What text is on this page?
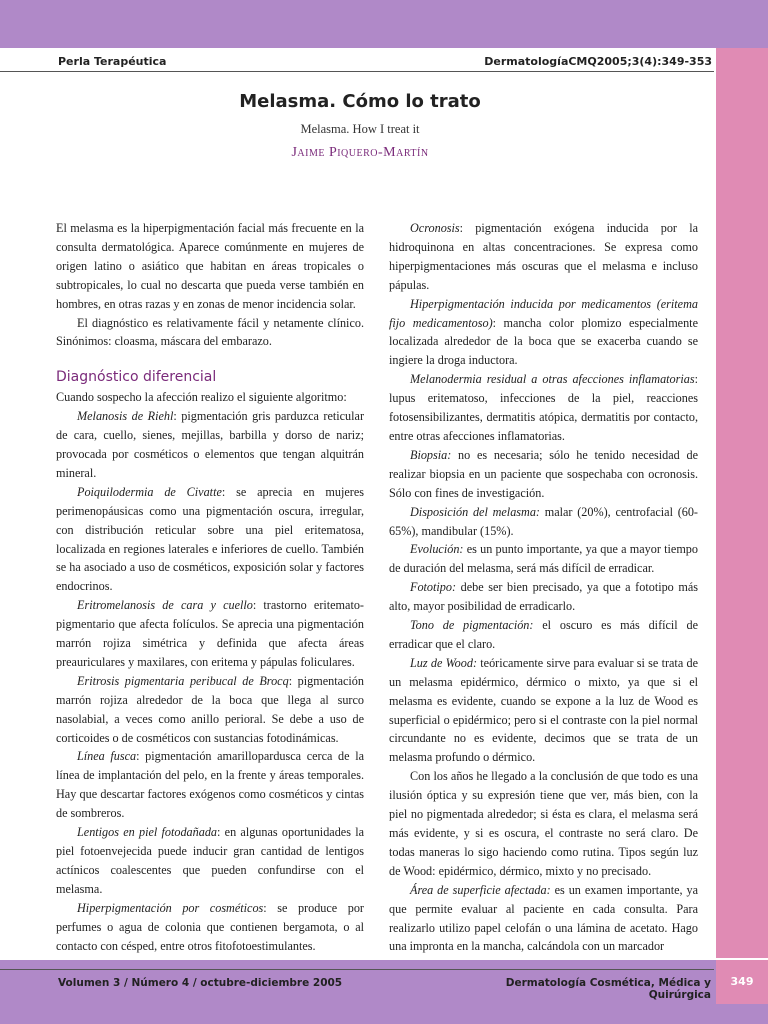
Perla Terapéutica	DermatologíaCMQ2005;3(4):349-353
Melasma. Cómo lo trato
Melasma. How I treat it
Jaime Piquero-Martín

El melasma es la hiperpigmentación facial más frecuente en la consulta dermatológica. Aparece comúnmente en mujeres de origen latino o asiático que habitan en áreas tropicales o subtropicales, lo cual no descarta que pueda verse también en hombres, en otras razas y en zonas de menor incidencia solar.

El diagnóstico es relativamente fácil y netamente clínico. Sinónimos: cloasma, máscara del embarazo.

Diagnóstico diferencial

Cuando sospecho la afección realizo el siguiente algoritmo:

Melanosis de Riehl: pigmentación gris parduzca reticular de cara, cuello, sienes, mejillas, barbilla y dorso de nariz; provocada por cosméticos o elementos que tengan alquitrán mineral.

Poiquilodermia de Civatte: se aprecia en mujeres perimenopáusicas como una pigmentación oscura, irregular, con distribución reticular sobre una piel eritematosa, localizada en regiones laterales e inferiores de cuello. También se ha asociado a uso de cosméticos, exposición solar y factores endocrinos.

Eritromelanosis de cara y cuello: trastorno eritemato-pigmentario que afecta folículos. Se aprecia una pigmentación marrón rojiza simétrica y definida que afecta áreas preauriculares y maxilares, con eritema y pápulas foliculares.

Eritrosis pigmentaria peribucal de Brocq: pigmentación marrón rojiza alrededor de la boca que llega al surco nasolabial, a veces como anillo perioral. Se debe a uso de corticoides o de cosméticos con sustancias fotodinámicas.

Línea fusca: pigmentación amarillopardusca cerca de la línea de implantación del pelo, en la frente y áreas temporales. Hay que descartar factores exógenos como cosméticos y cintas de sombreros.

Lentigos en piel fotodañada: en algunas oportunidades la piel fotoenvejecida puede inducir gran cantidad de lentigos actínicos coalescentes que pueden confundirse con el melasma.

Hiperpigmentación por cosméticos: se produce por perfumes o agua de colonia que contienen bergamota, o al contacto con césped, entre otros fitofotoestimulantes.

Ocronosis: pigmentación exógena inducida por la hidroquinona en altas concentraciones. Se expresa como hiperpigmentaciones más oscuras que el melasma e incluso pápulas.

Hiperpigmentación inducida por medicamentos (eritema fijo medicamentoso): mancha color plomizo especialmente localizada alrededor de la boca que se exacerba cuando se ingiere la droga inductora.

Melanodermia residual a otras afecciones inflamatorias: lupus eritematoso, infecciones de la piel, reacciones fotosensibilizantes, dermatitis atópica, dermatitis por contacto, entre otras afecciones inflamatorias.

Biopsia: no es necesaria; sólo he tenido necesidad de realizar biopsia en un paciente que sospechaba con ocronosis. Sólo con fines de investigación.

Disposición del melasma: malar (20%), centrofacial (60-65%), mandibular (15%).

Evolución: es un punto importante, ya que a mayor tiempo de duración del melasma, será más difícil de erradicar.

Fototipo: debe ser bien precisado, ya que a fototipo más alto, mayor posibilidad de erradicarlo.

Tono de pigmentación: el oscuro es más difícil de erradicar que el claro.

Luz de Wood: teóricamente sirve para evaluar si se trata de un melasma epidérmico, dérmico o mixto, ya que si el melasma es evidente, cuando se expone a la luz de Wood es superficial o epidérmico; pero si el contraste con la piel normal circundante no es evidente, decimos que se trata de un melasma profundo o dérmico.

Con los años he llegado a la conclusión de que todo es una ilusión óptica y su expresión tiene que ver, más bien, con la piel no pigmentada alrededor; si ésta es clara, el melasma será más evidente, y si es oscura, el contraste no será claro. De todas maneras lo sigo haciendo como rutina. Tipos según luz de Wood: epidérmico, dérmico, mixto y no precisado.

Área de superficie afectada: es un examen importante, ya que permite evaluar al paciente en cada consulta. Para realizarlo utilizo papel celofán o una lámina de acetato. Hago una impronta en la mancha, calcándola con un marcador

Volumen 3 / Número 4 / octubre-diciembre 2005	Dermatología Cosmética, Médica y Quirúrgica
349
